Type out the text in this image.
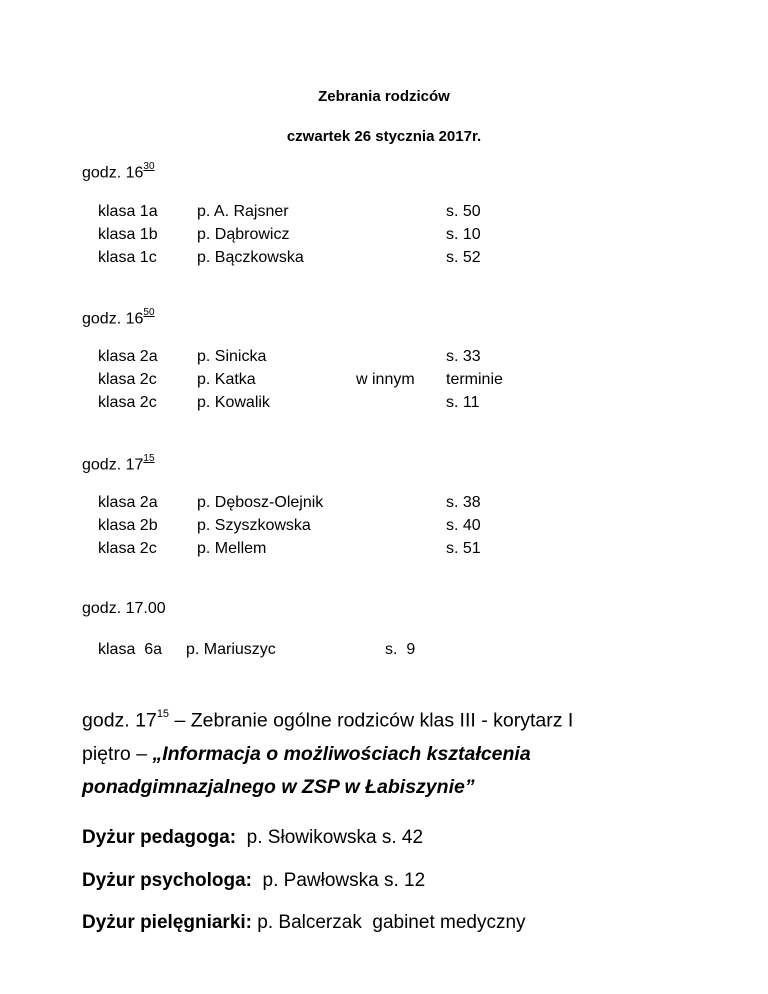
Zebrania rodziców
czwartek 26 stycznia 2017r.
godz. $16^{30}$
klasa 1a p. A. Rajsner	s. 50
klasa 1b p. Dąbrowicz	s. 10
klasa 1c	p. Bączkowska	s. 52
godz. $16^{50}$
klasa 2a p. Sinicka	s. 33
klasa 2c	p. Katka	w innym terminie
klasa 2c	p. Kowalik	s. 11
godz. $17^{15}$
klasa 2a p. Dębosz-Olejnik	s. 38
klasa 2b p. Szyszkowska	s. 40
klasa 2c	p. Mellem	s. 51
godz. 17.00
klasa  6a p. Mariuszyc	s.  9
godz. $17^{15}$ – Zebranie ogólne rodziców klas III - korytarz I
piętro – „Informacja o możliwościach kształcenia
ponadgimnazjalnego w ZSP w Łabiszynie”
Dyżur pedagoga:  p. Słowikowska s. 42
Dyżur psychologa:  p. Pawłowska s. 12
Dyżur pielęgniarki: p. Balcerzak  gabinet medyczny
